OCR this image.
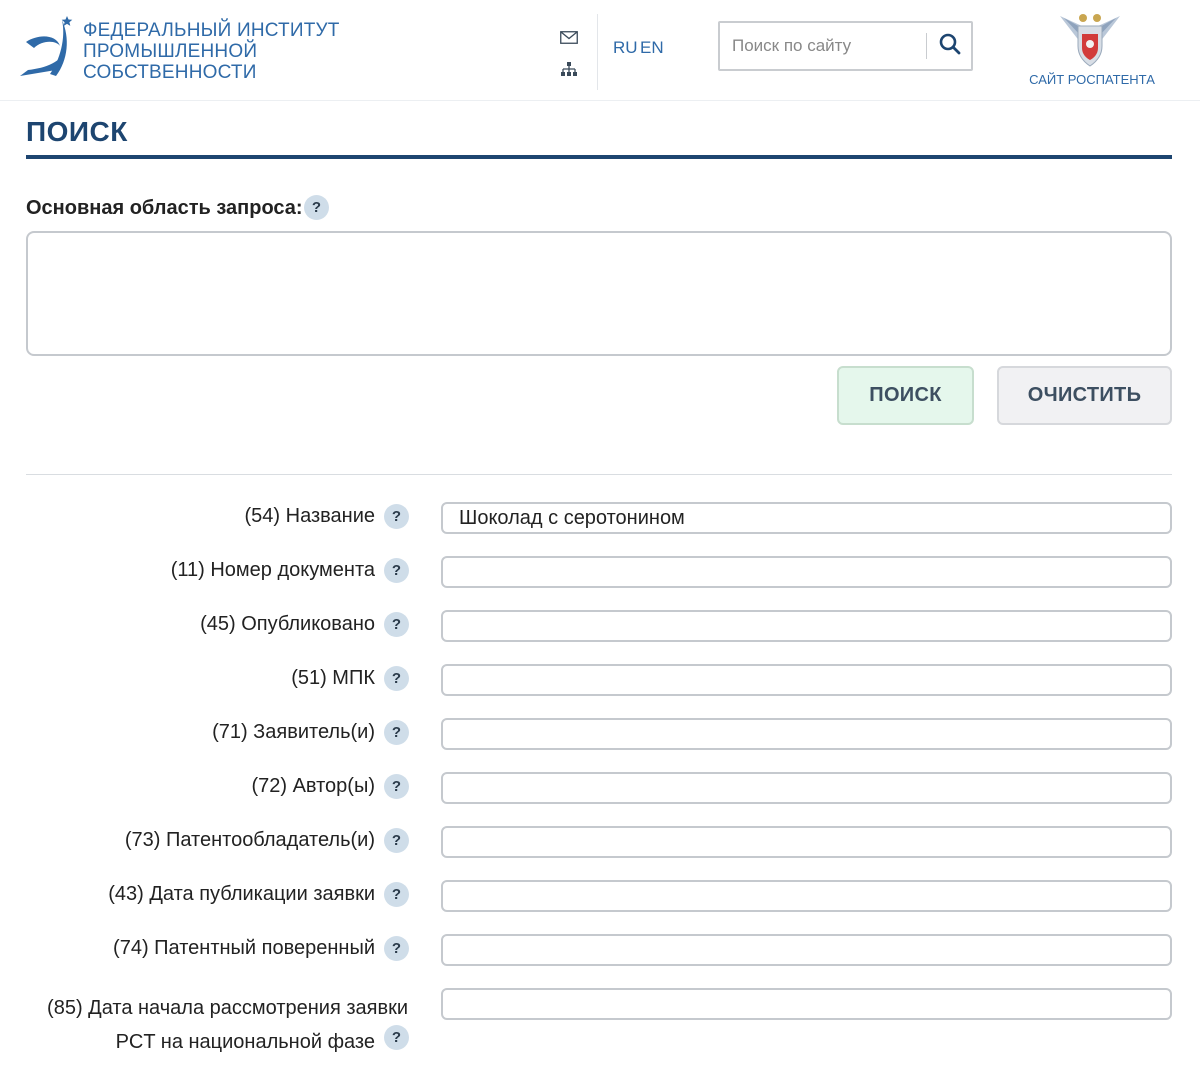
ФЕДЕРАЛЬНЫЙ ИНСТИТУТ
ПРОМЫШЛЕННОЙ
СОБСТВЕННОСТИ
RU EN
Поиск по сайту
САЙТ РОСПАТЕНТА
ПОИСК
Основная область запроса: ?
ПОИСК	ОЧИСТИТЬ
(54) Название	?
Шоколад с серотонином
(11) Номер документа	?
(45) Опубликовано	?
(51) МПК	?
(71) Заявитель(и)	?
(72) Автор(ы)	?
(73) Патентообладатель(и)	?
(43) Дата публикации заявки	?
(74) Патентный поверенный	?
(85) Дата начала рассмотрения заявки
PCT на национальной фазе	?
